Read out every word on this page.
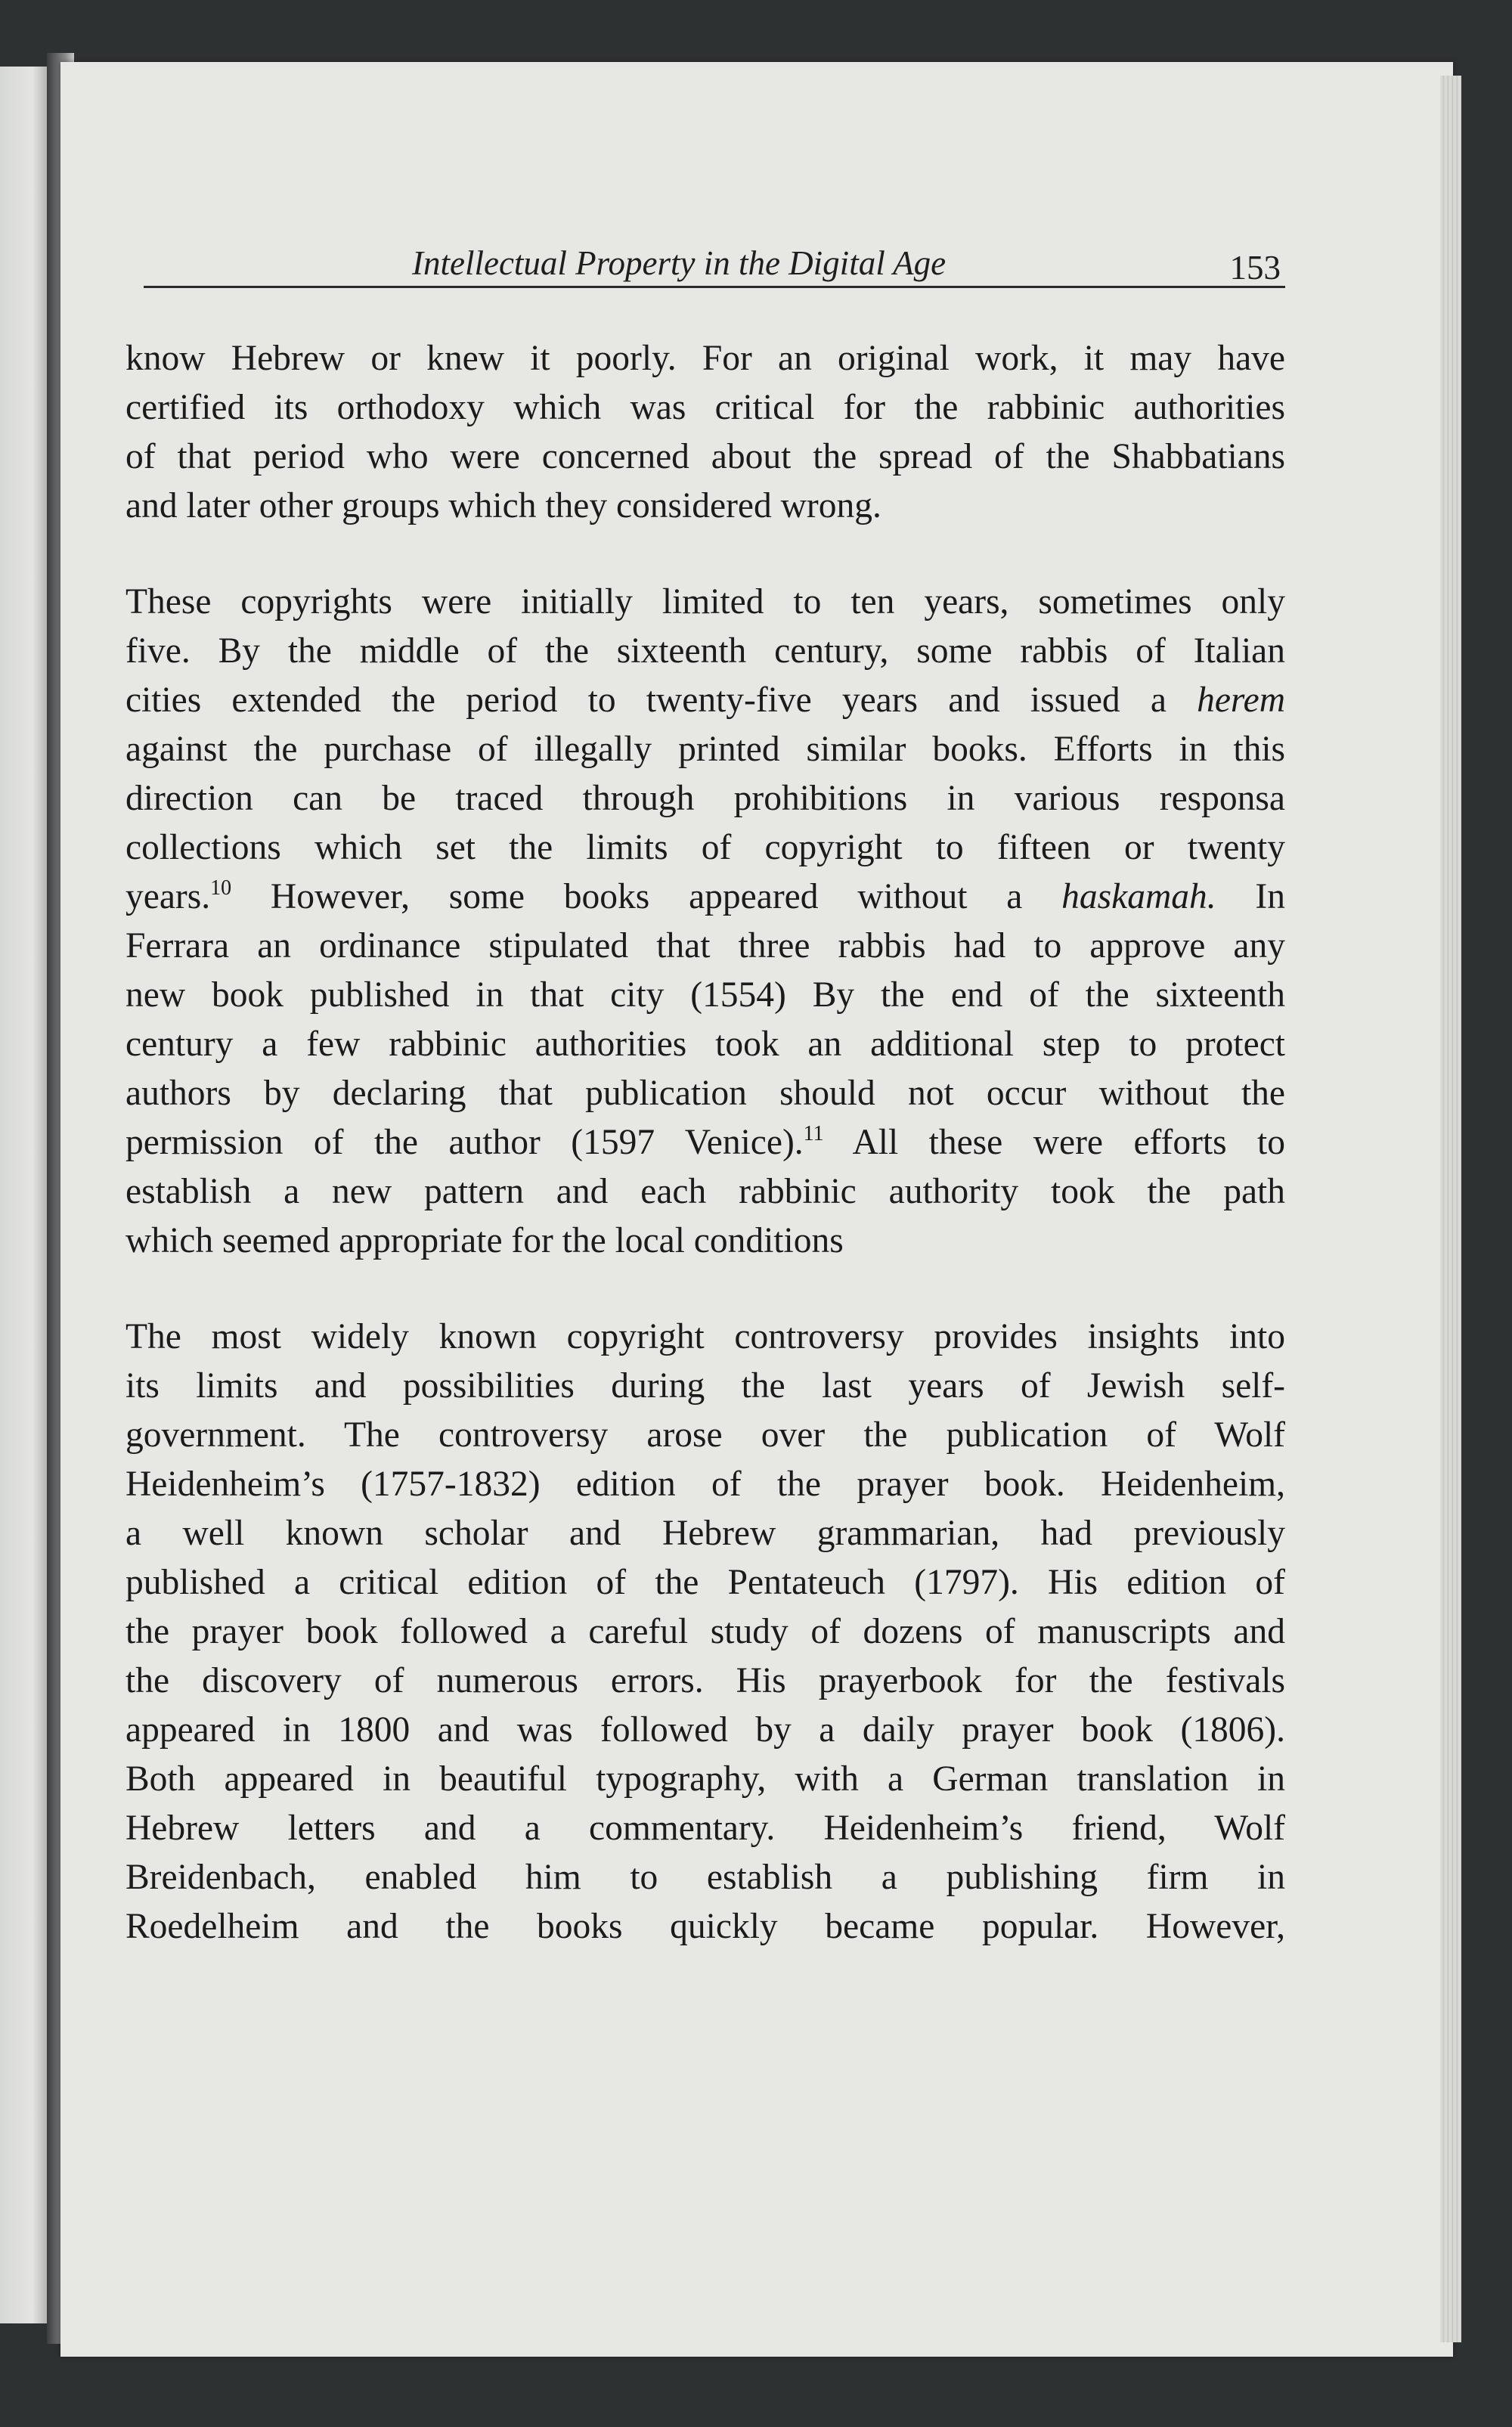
Intellectual Property in the Digital Age	153
know Hebrew or knew it poorly. For an original work, it may have
certified its orthodoxy which was critical for the rabbinic authorities
of that period who were concerned about the spread of the Shabbatians
and later other groups which they considered wrong.
These copyrights were initially limited to ten years, sometimes only
five. By the middle of the sixteenth century, some rabbis of Italian
cities extended the period to twenty-five years and issued a herem
against the purchase of illegally printed similar books. Efforts in this
direction can be traced through prohibitions in various responsa
collections which set the limits of copyright to fifteen or twenty
years.$^{10}$ However, some books appeared without a haskamah. In
Ferrara an ordinance stipulated that three rabbis had to approve any
new book published in that city (1554) By the end of the sixteenth
century a few rabbinic authorities took an additional step to protect
authors by declaring that publication should not occur without the
permission of the author (1597 Venice).$^{11}$ All these were efforts to
establish a new pattern and each rabbinic authority took the path
which seemed appropriate for the local conditions
The most widely known copyright controversy provides insights into
its limits and possibilities during the last years of Jewish self-
government. The controversy arose over the publication of Wolf
Heidenheim’s (1757-1832) edition of the prayer book. Heidenheim,
a well known scholar and Hebrew grammarian, had previously
published a critical edition of the Pentateuch (1797). His edition of
the prayer book followed a careful study of dozens of manuscripts and
the discovery of numerous errors. His prayerbook for the festivals
appeared in 1800 and was followed by a daily prayer book (1806).
Both appeared in beautiful typography, with a German translation in
Hebrew letters and a commentary. Heidenheim’s friend, Wolf
Breidenbach, enabled him to establish a publishing firm in
Roedelheim and the books quickly became popular. However,
